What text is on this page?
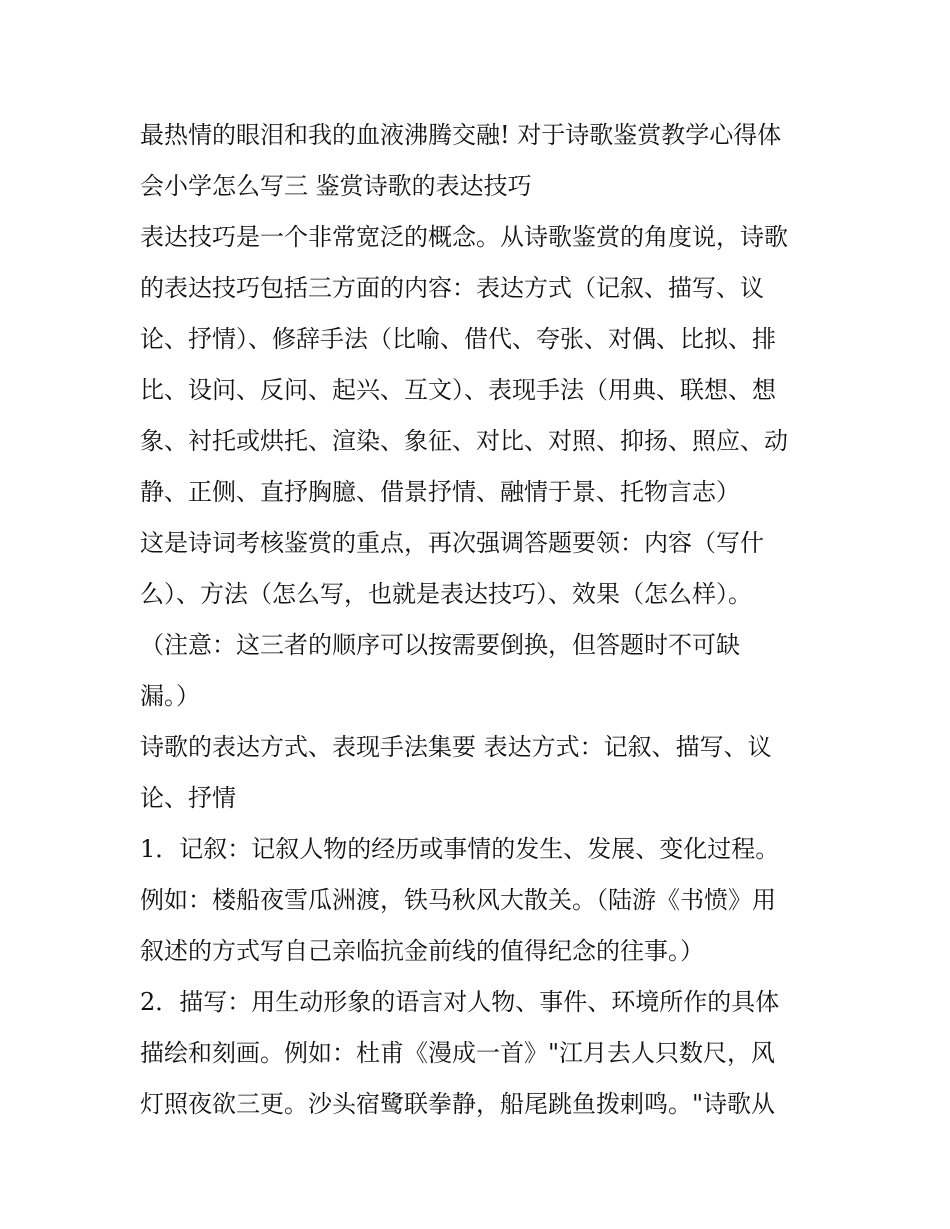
最热情的眼泪和我的血液沸腾交融! 对于诗歌鉴赏教学心得体
会小学怎么写三 鉴赏诗歌的表达技巧
表达技巧是一个非常宽泛的概念。从诗歌鉴赏的角度说，诗歌
的表达技巧包括三方面的内容：表达方式（记叙、描写、议
论、抒情）、修辞手法（比喻、借代、夸张、对偶、比拟、排
比、设问、反问、起兴、互文）、表现手法（用典、联想、想
象、衬托或烘托、渲染、象征、对比、对照、抑扬、照应、动
静、正侧、直抒胸臆、借景抒情、融情于景、托物言志）
这是诗词考核鉴赏的重点，再次强调答题要领：内容（写什
么）、方法（怎么写，也就是表达技巧）、效果（怎么样）。
（注意：这三者的顺序可以按需要倒换，但答题时不可缺
漏。）
诗歌的表达方式、表现手法集要 表达方式：记叙、描写、议
论、抒情
1．记叙：记叙人物的经历或事情的发生、发展、变化过程。
例如：楼船夜雪瓜洲渡，铁马秋风大散关。（陆游《书愤》用
叙述的方式写自己亲临抗金前线的值得纪念的往事。）
2．描写：用生动形象的语言对人物、事件、环境所作的具体
描绘和刻画。例如：杜甫《漫成一首》"江月去人只数尺，风
灯照夜欲三更。沙头宿鹭联拳静，船尾跳鱼拨剌鸣。"诗歌从
